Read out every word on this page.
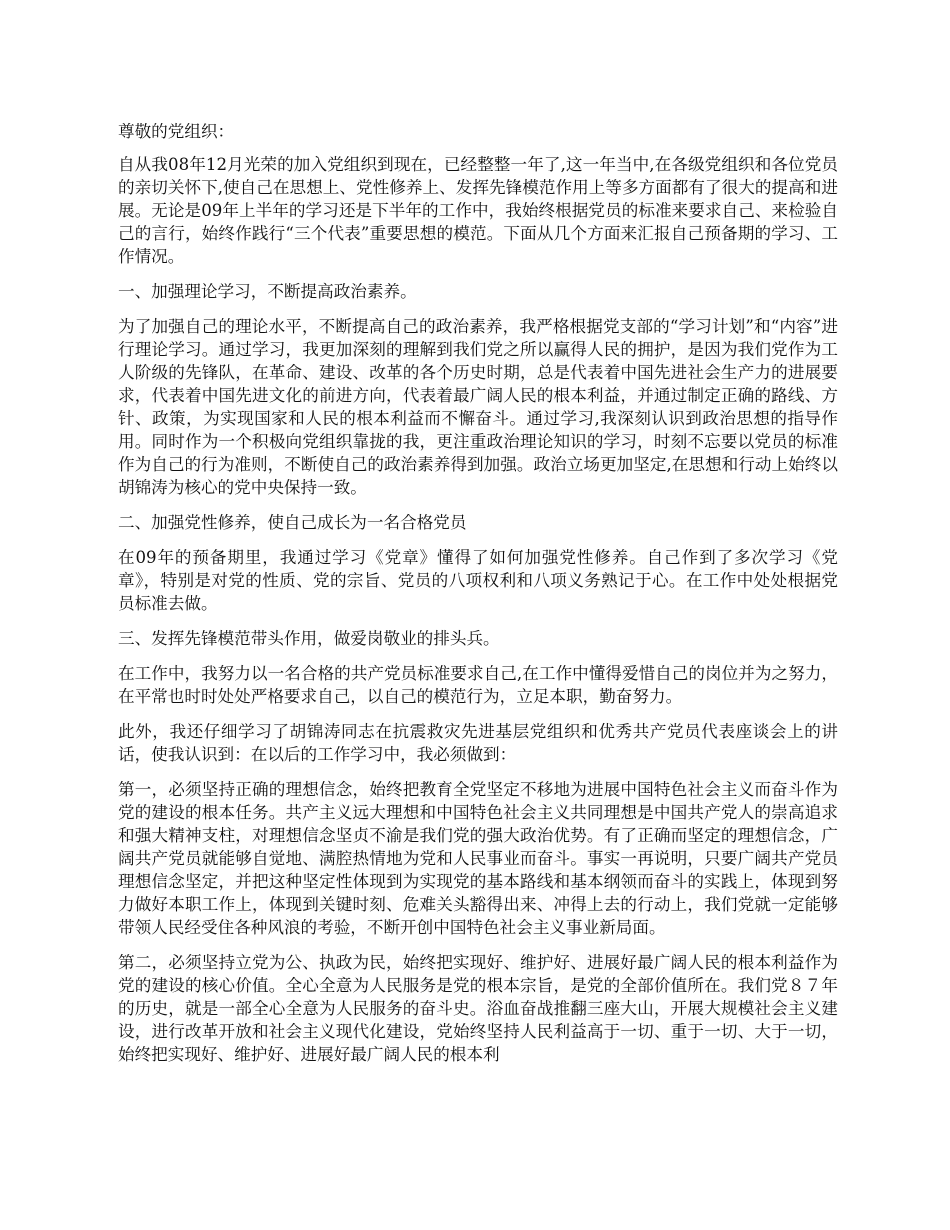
尊敬的党组织：

自从我08年12月光荣的加入党组织到现在，已经整整一年了,这一年当中,在各级党组织和各位党员的亲切关怀下,使自己在思想上、党性修养上、发挥先锋模范作用上等多方面都有了很大的提高和进展。无论是09年上半年的学习还是下半年的工作中，我始终根据党员的标准来要求自己、来检验自己的言行，始终作践行“三个代表”重要思想的模范。下面从几个方面来汇报自己预备期的学习、工作情况。

一、加强理论学习，不断提高政治素养。

为了加强自己的理论水平，不断提高自己的政治素养，我严格根据党支部的“学习计划”和“内容”进行理论学习。通过学习，我更加深刻的理解到我们党之所以赢得人民的拥护，是因为我们党作为工人阶级的先锋队，在革命、建设、改革的各个历史时期，总是代表着中国先进社会生产力的进展要求，代表着中国先进文化的前进方向，代表着最广阔人民的根本利益，并通过制定正确的路线、方针、政策，为实现国家和人民的根本利益而不懈奋斗。通过学习,我深刻认识到政治思想的指导作用。同时作为一个积极向党组织靠拢的我，更注重政治理论知识的学习，时刻不忘要以党员的标准作为自己的行为准则，不断使自己的政治素养得到加强。政治立场更加坚定,在思想和行动上始终以胡锦涛为核心的党中央保持一致。

二、加强党性修养，使自己成长为一名合格党员

在09年的预备期里，我通过学习《党章》懂得了如何加强党性修养。自己作到了多次学习《党章》，特别是对党的性质、党的宗旨、党员的八项权利和八项义务熟记于心。在工作中处处根据党员标准去做。

三、发挥先锋模范带头作用，做爱岗敬业的排头兵。

在工作中，我努力以一名合格的共产党员标准要求自己,在工作中懂得爱惜自己的岗位并为之努力，在平常也时时处处严格要求自己，以自己的模范行为，立足本职，勤奋努力。

此外，我还仔细学习了胡锦涛同志在抗震救灾先进基层党组织和优秀共产党员代表座谈会上的讲话，使我认识到：在以后的工作学习中，我必须做到：

第一，必须坚持正确的理想信念，始终把教育全党坚定不移地为进展中国特色社会主义而奋斗作为党的建设的根本任务。共产主义远大理想和中国特色社会主义共同理想是中国共产党人的崇高追求和强大精神支柱，对理想信念坚贞不渝是我们党的强大政治优势。有了正确而坚定的理想信念，广阔共产党员就能够自觉地、满腔热情地为党和人民事业而奋斗。事实一再说明，只要广阔共产党员理想信念坚定，并把这种坚定性体现到为实现党的基本路线和基本纲领而奋斗的实践上，体现到努力做好本职工作上，体现到关键时刻、危难关头豁得出来、冲得上去的行动上，我们党就一定能够带领人民经受住各种风浪的考验，不断开创中国特色社会主义事业新局面。

第二，必须坚持立党为公、执政为民，始终把实现好、维护好、进展好最广阔人民的根本利益作为党的建设的核心价值。全心全意为人民服务是党的根本宗旨，是党的全部价值所在。我们党８７年的历史，就是一部全心全意为人民服务的奋斗史。浴血奋战推翻三座大山，开展大规模社会主义建设，进行改革开放和社会主义现代化建设，党始终坚持人民利益高于一切、重于一切、大于一切，始终把实现好、维护好、进展好最广阔人民的根本利
